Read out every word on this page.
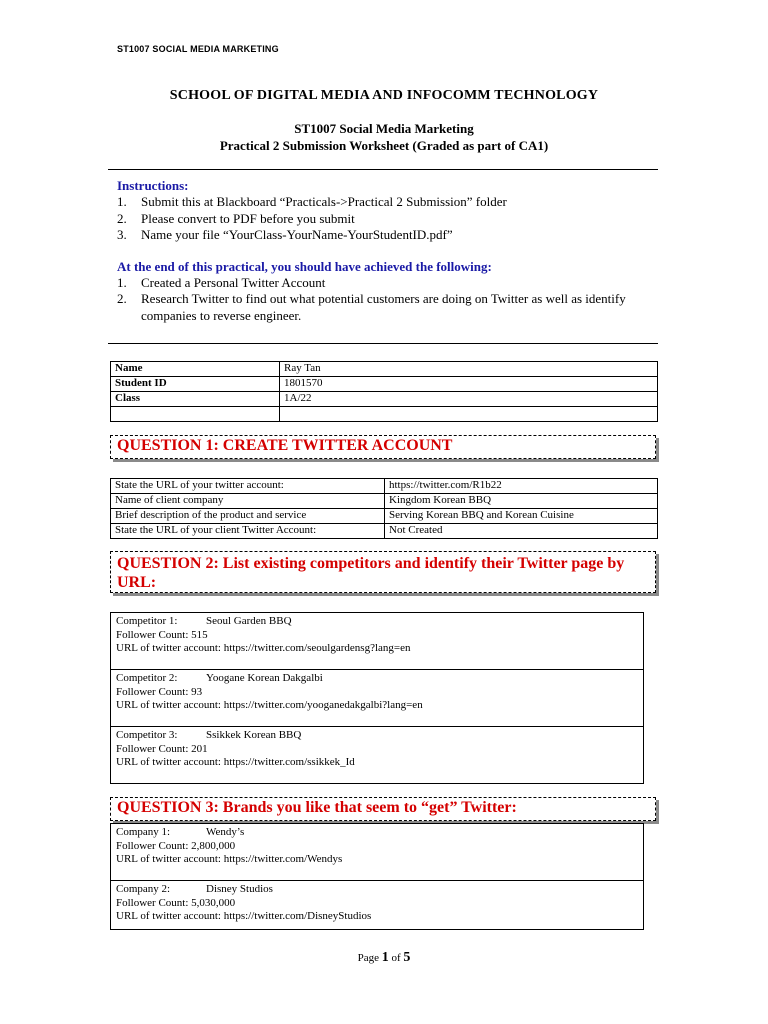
ST1007 SOCIAL MEDIA MARKETING
SCHOOL OF DIGITAL MEDIA AND INFOCOMM TECHNOLOGY
ST1007 Social Media Marketing
Practical 2 Submission Worksheet (Graded as part of CA1)
Instructions:
1.	Submit this at Blackboard “Practicals->Practical 2 Submission” folder
2.	Please convert to PDF before you submit
3.	Name your file “YourClass-YourName-YourStudentID.pdf”
At the end of this practical, you should have achieved the following:
1.	Created a Personal Twitter Account
2.	Research Twitter to find out what potential customers are doing on Twitter as well as identify companies to reverse engineer.
Name	Ray Tan
Student ID	1801570
Class	1A/22

QUESTION 1: CREATE TWITTER ACCOUNT
State the URL of your twitter account:	https://twitter.com/R1b22
Name of client company	Kingdom Korean BBQ
Brief description of the product and service	Serving Korean BBQ and Korean Cuisine
State the URL of your client Twitter Account:	Not Created
QUESTION 2: List existing competitors and identify their Twitter page by URL:
Competitor 1:	Seoul Garden BBQ
Follower Count: 515
URL of twitter account: https://twitter.com/seoulgardensg?lang=en

Competitor 2:	Yoogane Korean Dakgalbi
Follower Count: 93
URL of twitter account: https://twitter.com/yooganedakgalbi?lang=en

Competitor 3:	Ssikkek Korean BBQ
Follower Count: 201
URL of twitter account: https://twitter.com/ssikkek_Id
QUESTION 3: Brands you like that seem to “get” Twitter:
Company 1:	Wendy’s
Follower Count: 2,800,000
URL of twitter account: https://twitter.com/Wendys

Company 2:	Disney Studios
Follower Count: 5,030,000
URL of twitter account: https://twitter.com/DisneyStudios
Page 1 of 5
